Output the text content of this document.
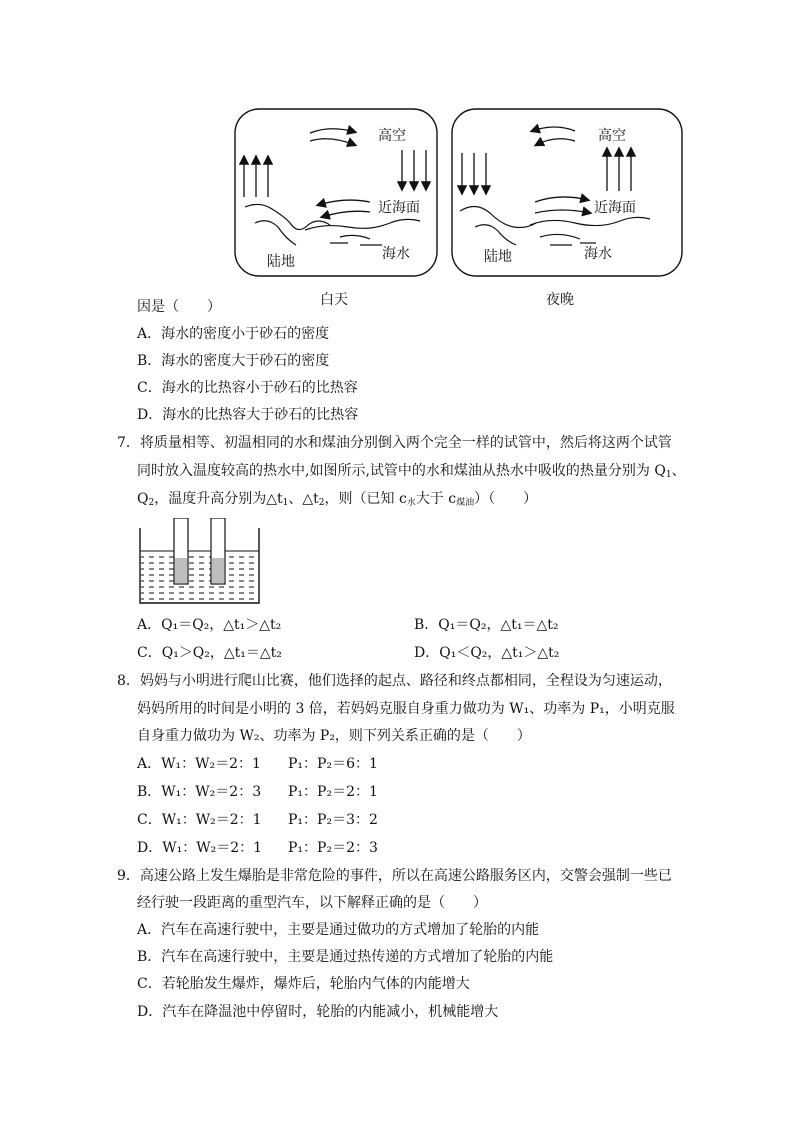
高空
近海面
海水
陆地
白天
高空
近海面
海水
陆地
夜晚
因是（　　）
A．海水的密度小于砂石的密度
B．海水的密度大于砂石的密度
C．海水的比热容小于砂石的比热容
D．海水的比热容大于砂石的比热容
7．将质量相等、初温相同的水和煤油分别倒入两个完全一样的试管中，然后将这两个试管
同时放入温度较高的热水中,如图所示,试管中的水和煤油从热水中吸收的热量分别为 $Q_1$、
$Q_2$，温度升高分别为$\triangle t_1$、$\triangle t_2$，则（已知 $c_水$大于 $c_{煤油}$）（　　）
A．Q₁＝Q₂，△t₁＞△t₂	B．Q₁＝Q₂，△t₁＝△t₂
C．Q₁＞Q₂，△t₁＝△t₂	D．Q₁＜Q₂，△t₁＞△t₂
8．妈妈与小明进行爬山比赛，他们选择的起点、路径和终点都相同，全程设为匀速运动，
妈妈所用的时间是小明的 3 倍，若妈妈克服自身重力做功为 W₁、功率为 P₁，小明克服
自身重力做功为 W₂、功率为 P₂，则下列关系正确的是（　　）
A．W₁：W₂＝2：1 P₁：P₂＝6：1
B．W₁：W₂＝2：3 P₁：P₂＝2：1
C．W₁：W₂＝2：1 P₁：P₂＝3：2
D．W₁：W₂＝2：1 P₁：P₂＝2：3
9．高速公路上发生爆胎是非常危险的事件，所以在高速公路服务区内，交警会强制一些已
经行驶一段距离的重型汽车，以下解释正确的是（　　）
A．汽车在高速行驶中，主要是通过做功的方式增加了轮胎的内能
B．汽车在高速行驶中，主要是通过热传递的方式增加了轮胎的内能
C．若轮胎发生爆炸，爆炸后，轮胎内气体的内能增大
D．汽车在降温池中停留时，轮胎的内能减小，机械能增大
